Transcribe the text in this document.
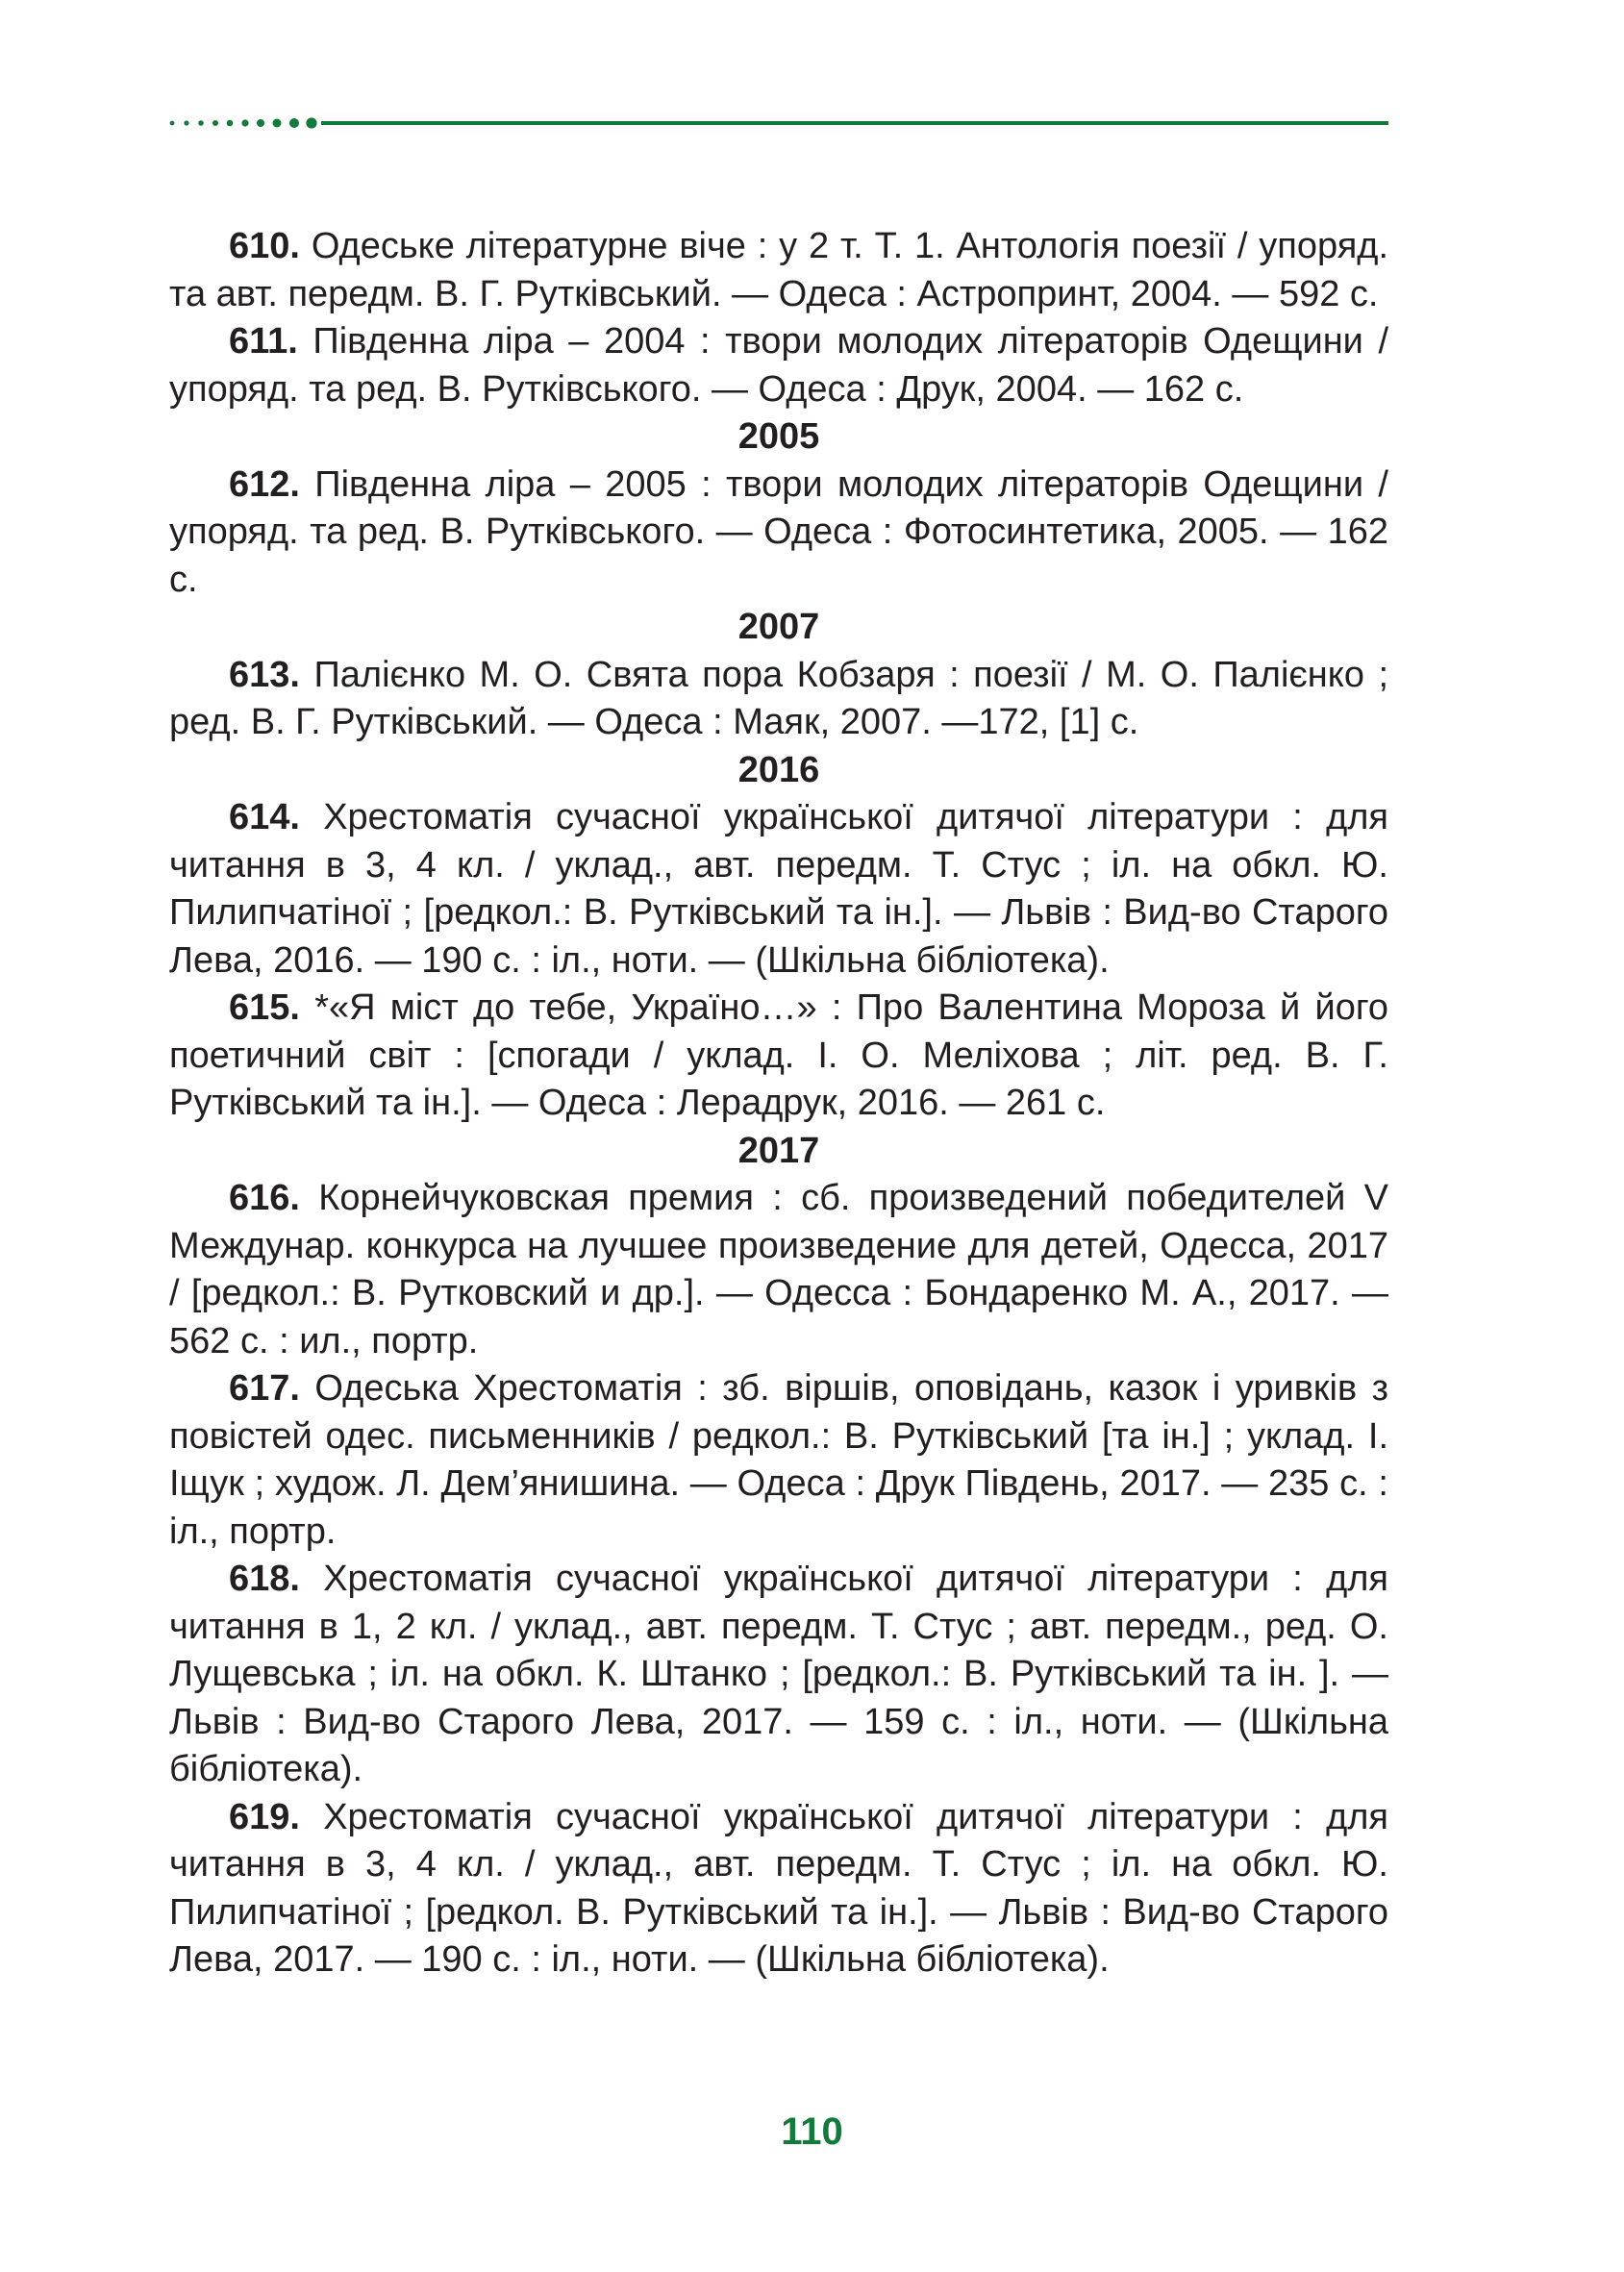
610. Одеське літературне віче : у 2 т. Т. 1. Антологія поезії / упоряд. та авт. передм. В. Г. Рутківський. — Одеса : Астропринт, 2004. — 592 с.

611. Південна ліра – 2004 : твори молодих літераторів Одещини / упоряд. та ред. В. Рутківського. — Одеса : Друк, 2004. — 162 с.

2005

612. Південна ліра – 2005 : твори молодих літераторів Одещини / упоряд. та ред. В. Рутківського. — Одеса : Фотосинтетика, 2005. — 162 с.

2007

613. Палієнко М. О. Свята пора Кобзаря : поезії / М. О. Палiєнко ; ред. В. Г. Рутківський. — Одеса : Маяк, 2007. —172, [1] с.

2016

614. Хрестоматія сучасної української дитячої літератури : для читання в 3, 4 кл. / уклад., авт. передм. Т. Стус ; іл. на обкл. Ю. Пилипчатіної ; [редкол.: В. Рутківський та ін.]. — Львів : Вид-во Старого Лева, 2016. — 190 с. : іл., ноти. — (Шкільна бібліотека).

615. *«Я міст до тебе, Україно…» : Про Валентина Мороза й його поетичний світ : [спогади / уклад. І. О. Меліхова ; літ. ред. В. Г. Рутківський та ін.]. — Одеса : Лерадрук, 2016. — 261 с.

2017

616. Корнейчуковская премия : сб. произведений победителей V Междунар. конкурса на лучшее произведение для детей, Одесса, 2017 / [редкол.: В. Рутковский и др.]. — Одесса : Бондаренко М. А., 2017. — 562 с. : ил., портр.

617. Одеська Хрестоматія : зб. віршів, оповідань, казок і уривків з повістей одес. письменників / редкол.: В. Рутківський [та ін.] ; уклад. І. Іщук ; худож. Л. Дем’янишина. — Одеса : Друк Південь, 2017. — 235 с. : іл., портр.

618. Хрестоматія сучасної української дитячої літератури : для читання в 1, 2 кл. / уклад., авт. передм. Т. Стус ; авт. передм., ред. О. Лущевська ; іл. на обкл. К. Штанко ; [редкол.: В. Рутківський та ін. ]. — Львів : Вид-во Старого Лева, 2017. — 159 с. : іл., ноти. — (Шкільна бібліотека).

619. Хрестоматія сучасної української дитячої літератури : для читання в 3, 4 кл. / уклад., авт. передм. Т. Стус ; іл. на обкл. Ю. Пилипчатіної ; [редкол. В. Рутківський та ін.]. — Львів : Вид-во Старого Лева, 2017. — 190 с. : іл., ноти. — (Шкільна бібліотека).

110
